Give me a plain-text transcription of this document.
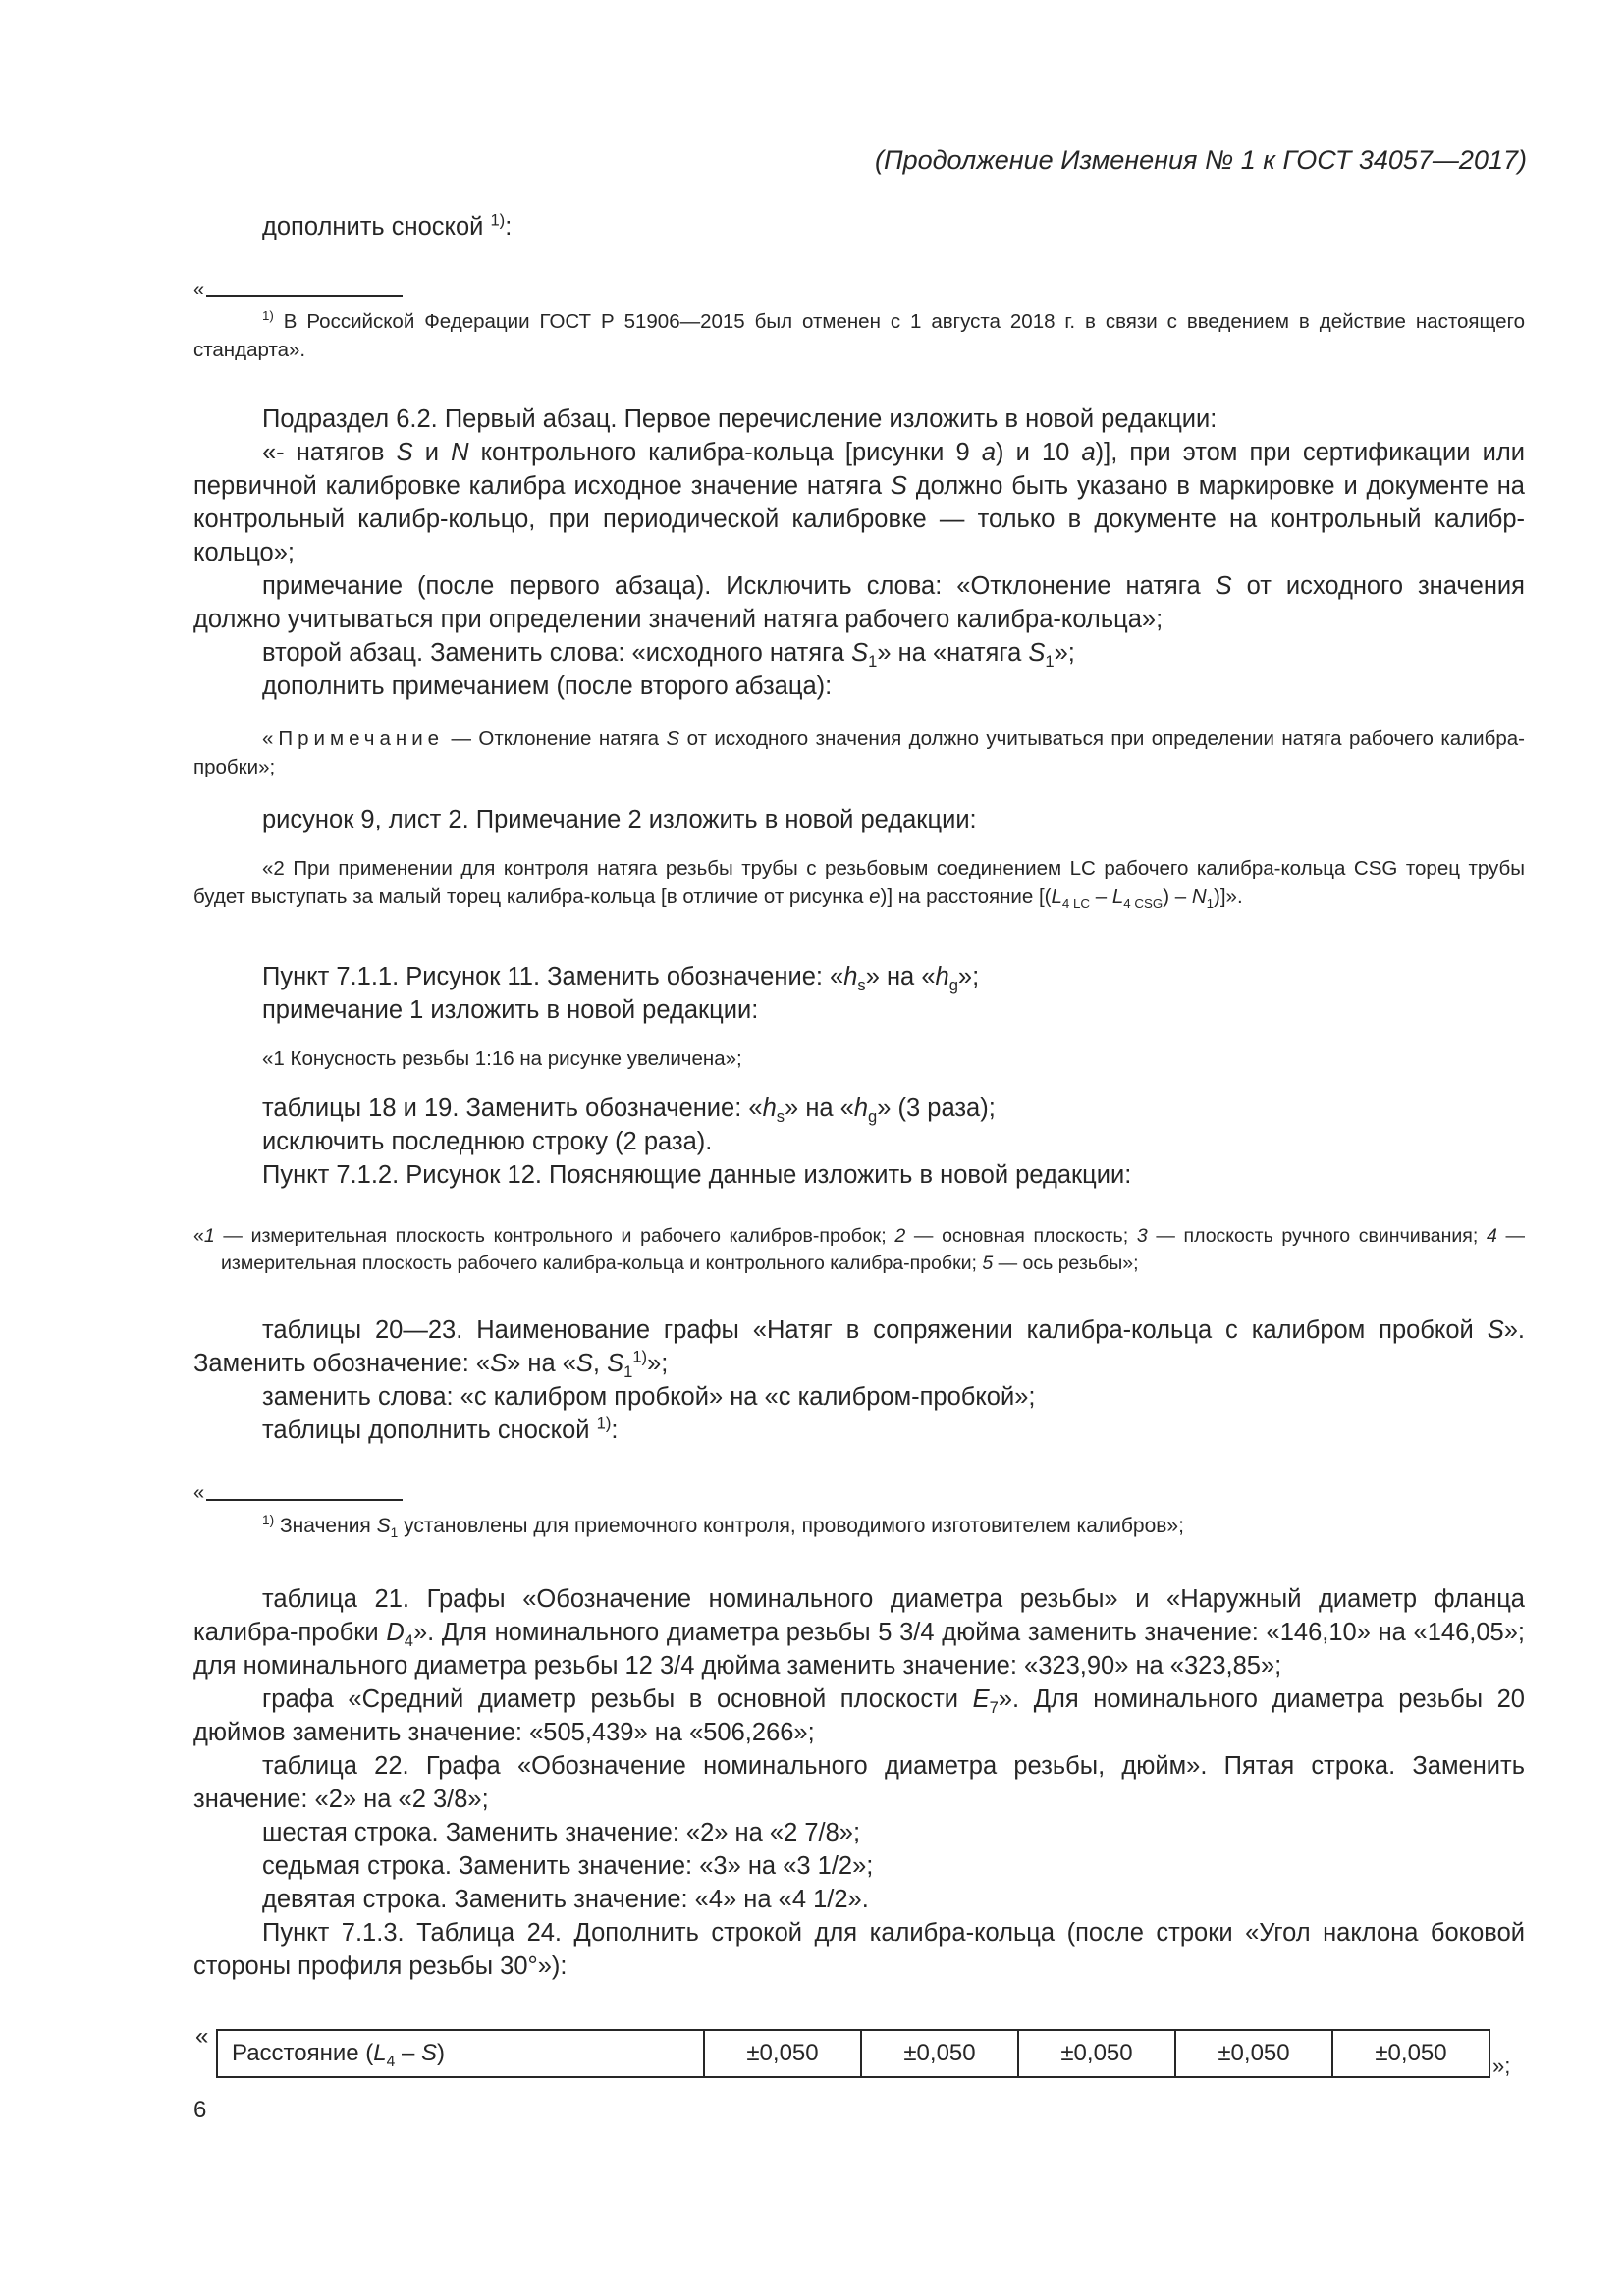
(Продолжение Изменения № 1 к ГОСТ 34057—2017)

дополнить сноской $^{1)}$:

«

$^{1)}$ В Российской Федерации ГОСТ Р 51906—2015 был отменен с 1 августа 2018 г. в связи с введением в действие настоящего стандарта».

Подраздел 6.2. Первый абзац. Первое перечисление изложить в новой редакции:

«- натягов S и N контрольного калибра-кольца [рисунки 9 а) и 10 а)], при этом при сертификации или первичной калибровке калибра исходное значение натяга S должно быть указано в маркировке и документе на контрольный калибр-кольцо, при периодической калибровке — только в документе на контрольный калибр-кольцо»;

примечание (после первого абзаца). Исключить слова: «Отклонение натяга S от исходного значения должно учитываться при определении значений натяга рабочего калибра-кольца»;

второй абзац. Заменить слова: «исходного натяга $S_1$» на «натяга $S_1$»;

дополнить примечанием (после второго абзаца):

«Примечание — Отклонение натяга S от исходного значения должно учитываться при определении натяга рабочего калибра-пробки»;

рисунок 9, лист 2. Примечание 2 изложить в новой редакции:

«2 При применении для контроля натяга резьбы трубы с резьбовым соединением LC рабочего калибра-кольца CSG торец трубы будет выступать за малый торец калибра-кольца [в отличие от рисунка е)] на расстояние $[(L_{4 LC} - L_{4 CSG}) - N_1)$]».

Пункт 7.1.1. Рисунок 11. Заменить обозначение: «$h_s$» на «$h_g$»;

примечание 1 изложить в новой редакции:

«1 Конусность резьбы 1:16 на рисунке увеличена»;

таблицы 18 и 19. Заменить обозначение: «$h_s$» на «$h_g$» (3 раза);

исключить последнюю строку (2 раза).

Пункт 7.1.2. Рисунок 12. Поясняющие данные изложить в новой редакции:

«1 — измерительная плоскость контрольного и рабочего калибров-пробок; 2 — основная плоскость; 3 — плоскость ручного свинчивания; 4 — измерительная плоскость рабочего калибра-кольца и контрольного калибра-пробки; 5 — ось резьбы»;

таблицы 20—23. Наименование графы «Натяг в сопряжении калибра-кольца с калибром пробкой S». Заменить обозначение: «S» на «S, $S_1^{1)}$»;

заменить слова: «с калибром пробкой» на «с калибром-пробкой»;

таблицы дополнить сноской $^{1)}$:

«

$^{1)}$ Значения $S_1$ установлены для приемочного контроля, проводимого изготовителем калибров»;

таблица 21. Графы «Обозначение номинального диаметра резьбы» и «Наружный диаметр фланца калибра-пробки $D_4$». Для номинального диаметра резьбы 5 3/4 дюйма заменить значение: «146,10» на «146,05»; для номинального диаметра резьбы 12 3/4 дюйма заменить значение: «323,90» на «323,85»;

графа «Средний диаметр резьбы в основной плоскости $E_7$». Для номинального диаметра резьбы 20 дюймов заменить значение: «505,439» на «506,266»;

таблица 22. Графа «Обозначение номинального диаметра резьбы, дюйм». Пятая строка. Заменить значение: «2» на «2 3/8»;

шестая строка. Заменить значение: «2» на «2 7/8»;

седьмая строка. Заменить значение: «3» на «3 1/2»;

девятая строка. Заменить значение: «4» на «4 1/2».

Пункт 7.1.3. Таблица 24. Дополнить строкой для калибра-кольца (после строки «Угол наклона боковой стороны профиля резьбы 30°»):

«
Расстояние $(L_4 - S)$	±0,050	±0,050	±0,050	±0,050	±0,050 »;
6
